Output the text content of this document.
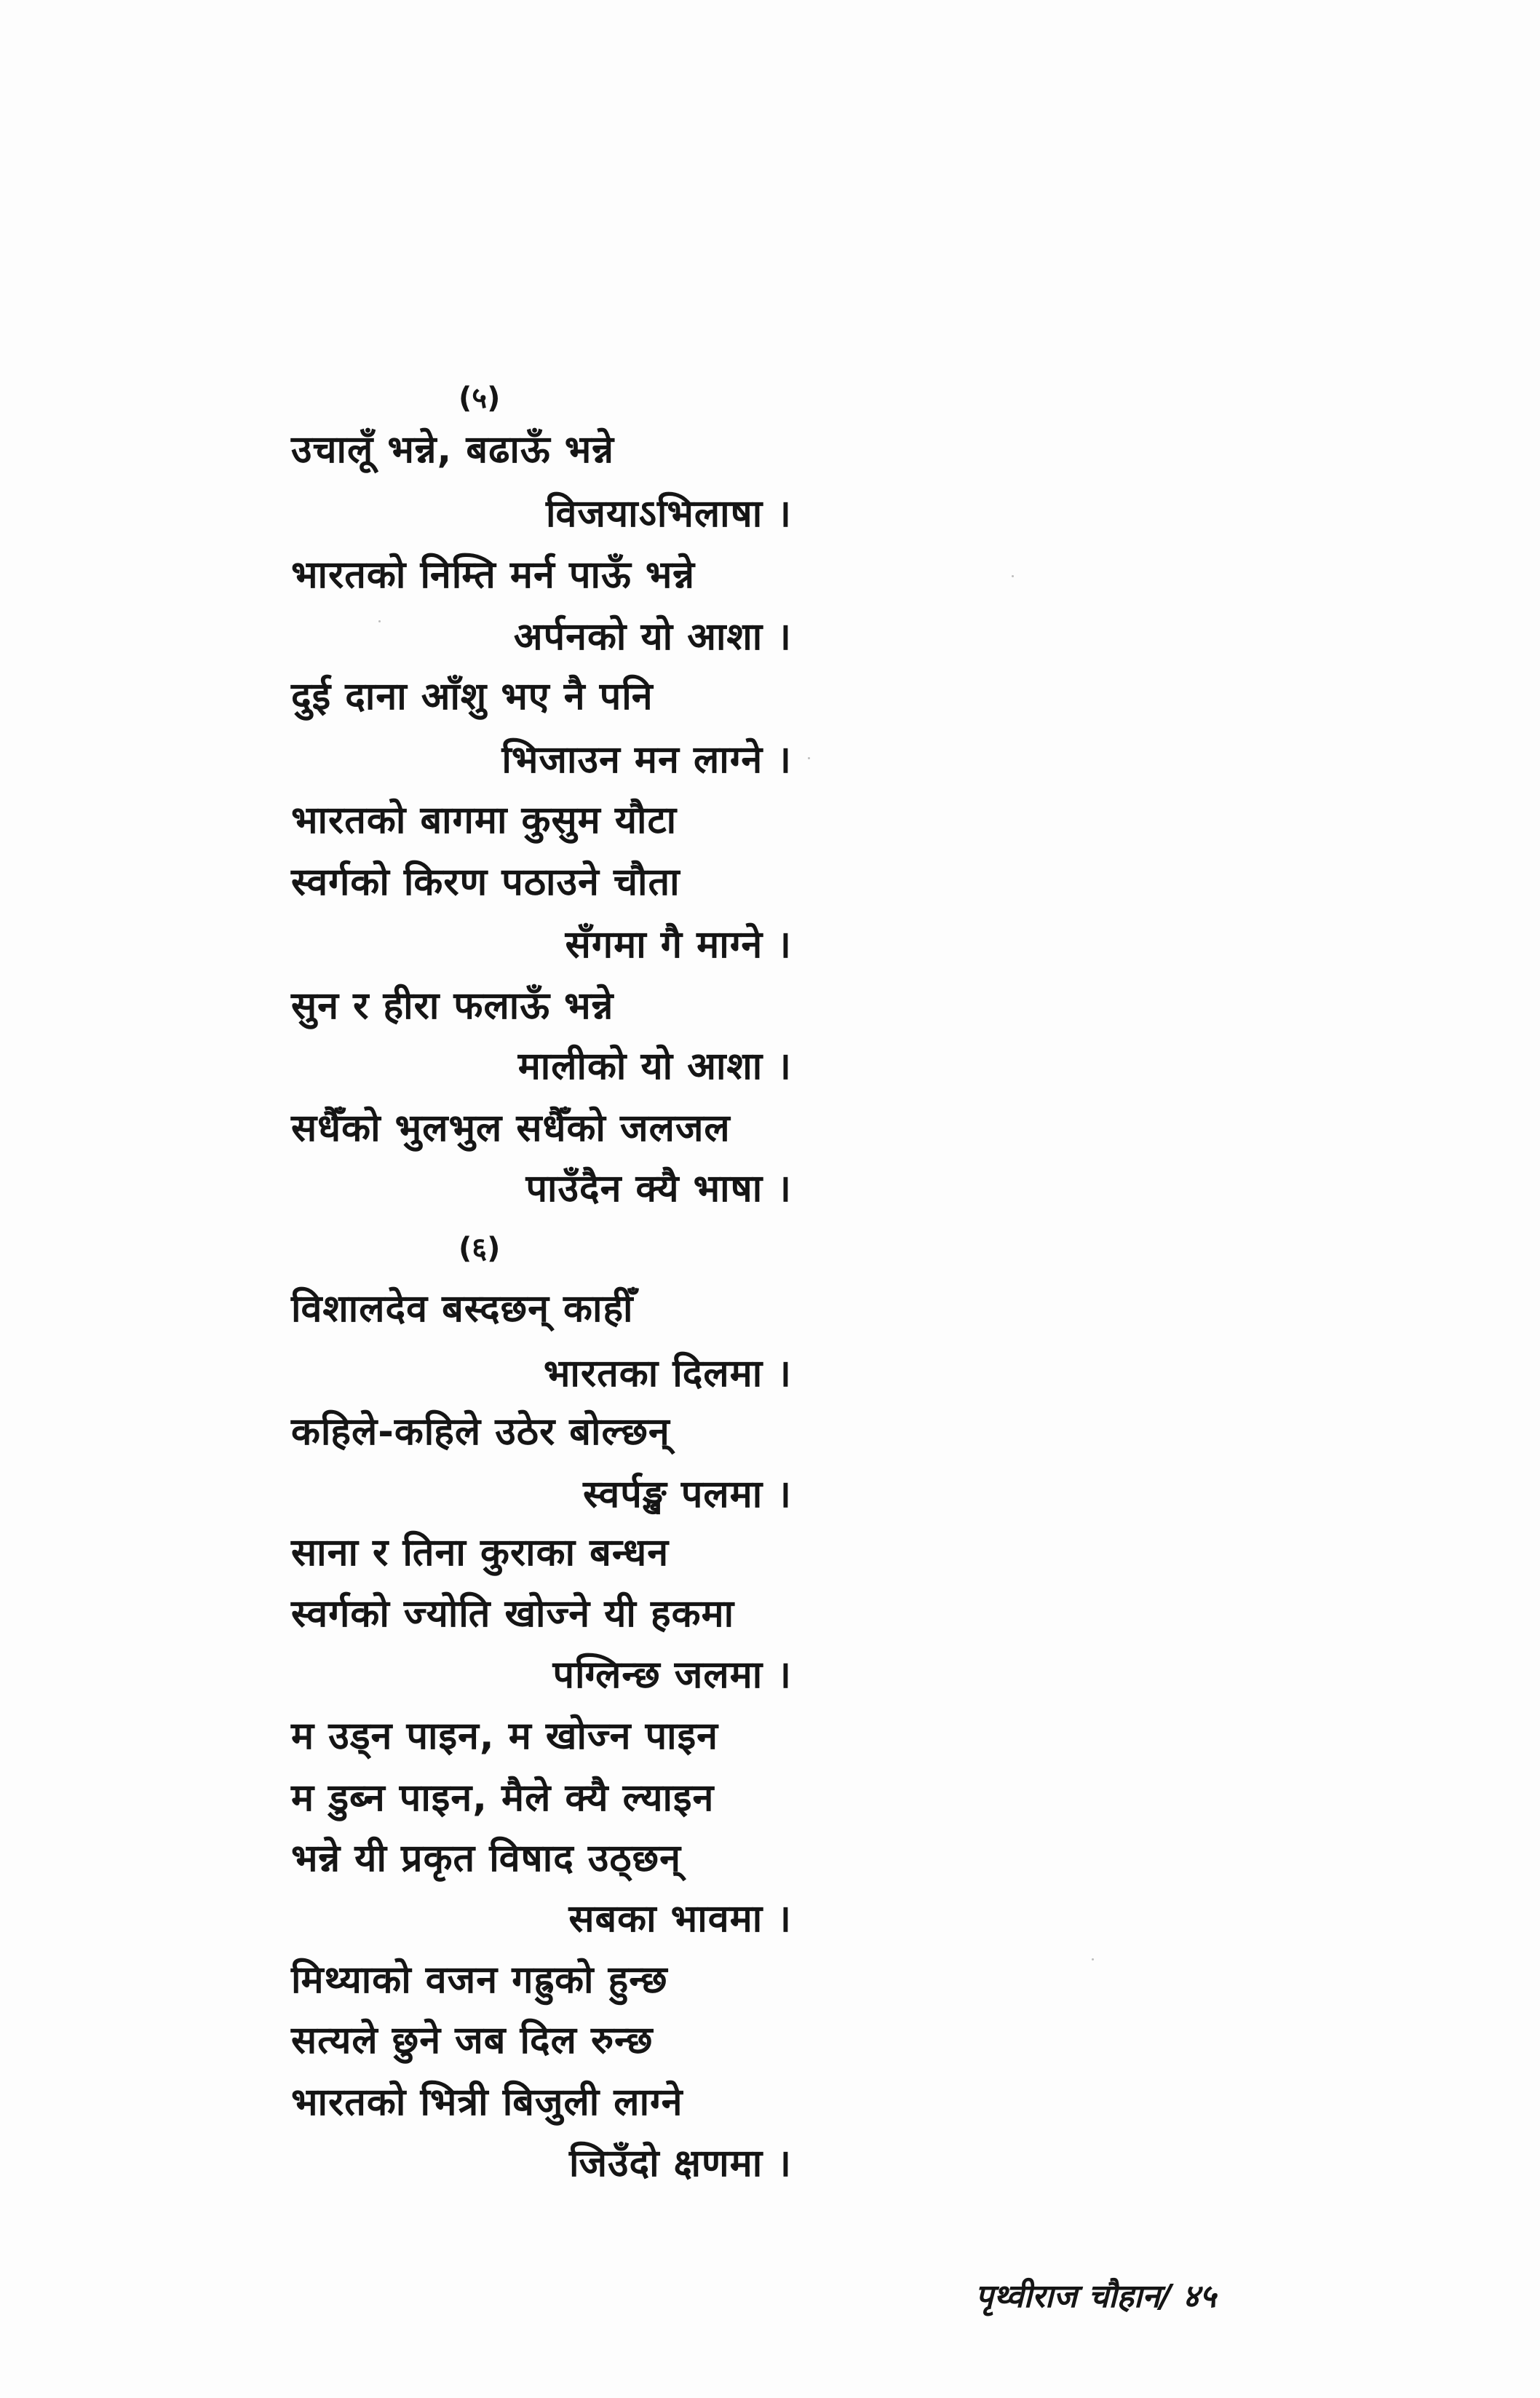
(५)
उचालूँ भन्ने, बढाऊँ भन्ने
विजयाऽभिलाषा ।
भारतको निम्ति मर्न पाऊँ भन्ने
अर्पनको यो आशा ।
दुई दाना आँशु भए नै पनि
भिजाउन मन लाग्ने ।
भारतको बागमा कुसुम यौटा
स्वर्गको किरण पठाउने चौता
सँगमा गै माग्ने ।
सुन र हीरा फलाऊँ भन्ने
मालीको यो आशा ।
सधैँको भुलभुल सधैँको जलजल
पाउँदैन क्यै भाषा ।
(६)
विशालदेव बस्दछन् काहीँ
भारतका दिलमा ।
कहिले-कहिले उठेर बोल्छन्
स्वर्पङ्ख पलमा ।
साना र तिना कुराका बन्धन
स्वर्गको ज्योति खोज्ने यी हकमा
पग्लिन्छ जलमा ।
म उड्न पाइन, म खोज्न पाइन
म डुब्न पाइन, मैले क्यै ल्याइन
भन्ने यी प्रकृत विषाद उठ्छन्
सबका भावमा ।
मिथ्याको वजन गह्रुको हुन्छ
सत्यले छुने जब दिल रुन्छ
भारतको भित्री बिजुली लाग्ने
जिउँदो क्षणमा ।
पृथ्वीराज चौहान/ ४५
